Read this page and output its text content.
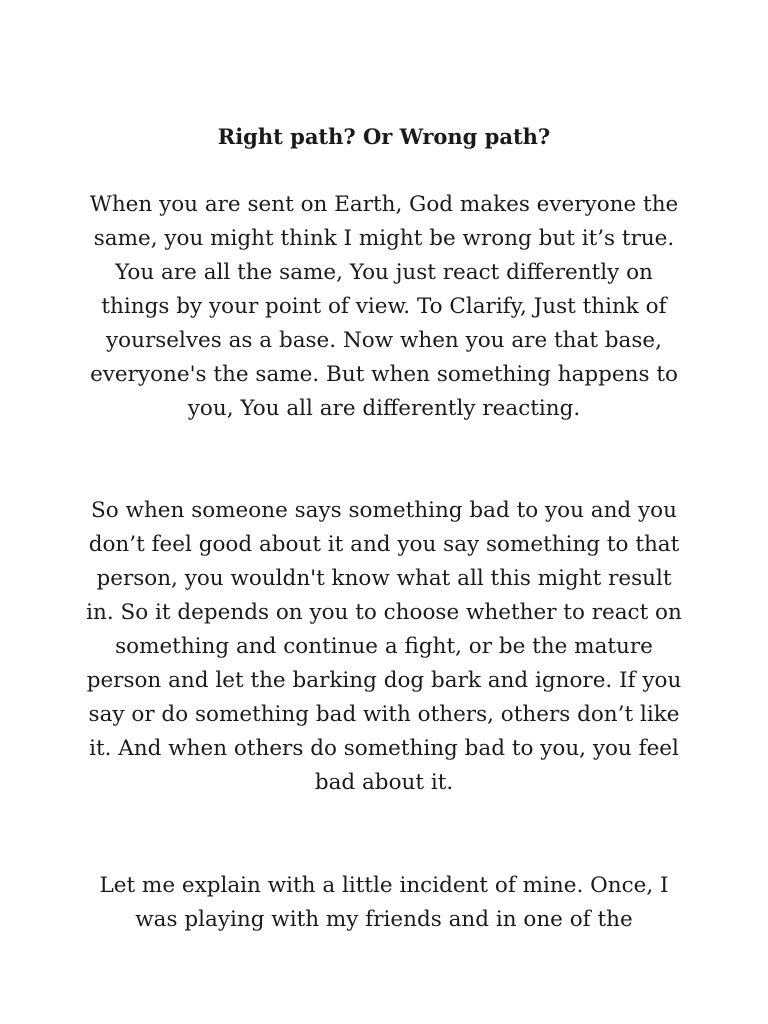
Right path? Or Wrong path?

When you are sent on Earth, God makes everyone the same, you might think I might be wrong but it’s true. You are all the same, You just react differently on things by your point of view. To Clarify, Just think of yourselves as a base. Now when you are that base, everyone's the same. But when something happens to you, You all are differently reacting.

So when someone says something bad to you and you don’t feel good about it and you say something to that person, you wouldn't know what all this might result in. So it depends on you to choose whether to react on something and continue a fight, or be the mature person and let the barking dog bark and ignore. If you say or do something bad with others, others don’t like it. And when others do something bad to you, you feel bad about it.

Let me explain with a little incident of mine. Once, I was playing with my friends and in one of the
